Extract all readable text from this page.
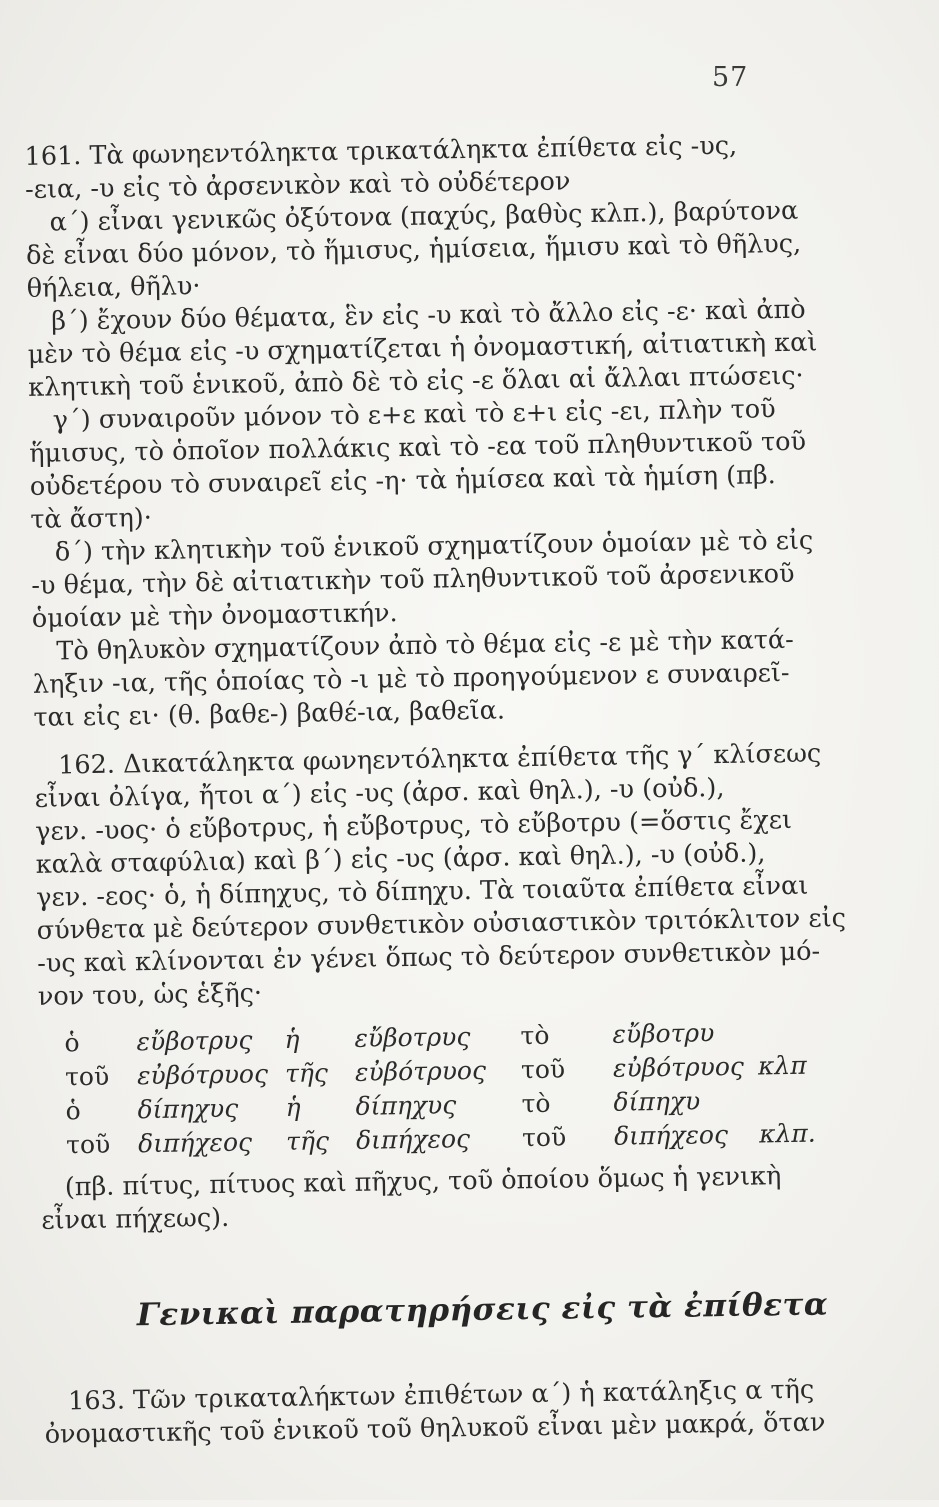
57
161. Τὰ φωνηεντόληκτα τρικατάληκτα ἐπίθετα εἰς -υς,
-εια, -υ εἰς τὸ ἀρσενικὸν καὶ τὸ οὐδέτερον
α΄) εἶναι γενικῶς ὀξύτονα (παχύς, βαθὺς κλπ.), βαρύτονα
δὲ εἶναι δύο μόνον, τὸ ἥμισυς, ἡμίσεια, ἥμισυ καὶ τὸ θῆλυς,
θήλεια, θῆλυ·
β΄) ἔχουν δύο θέματα, ἓν εἰς -υ καὶ τὸ ἄλλο εἰς -ε· καὶ ἀπὸ
μὲν τὸ θέμα εἰς -υ σχηματίζεται ἡ ὀνομαστική, αἰτιατικὴ καὶ
κλητικὴ τοῦ ἑνικοῦ, ἀπὸ δὲ τὸ εἰς -ε ὅλαι αἱ ἄλλαι πτώσεις·
γ΄) συναιροῦν μόνον τὸ ε+ε καὶ τὸ ε+ι εἰς -ει, πλὴν τοῦ
ἥμισυς, τὸ ὁποῖον πολλάκις καὶ τὸ -εα τοῦ πληθυντικοῦ τοῦ
οὐδετέρου τὸ συναιρεῖ εἰς -η· τὰ ἡμίσεα καὶ τὰ ἡμίση (πβ.
τὰ ἄστη)·
δ΄) τὴν κλητικὴν τοῦ ἑνικοῦ σχηματίζουν ὁμοίαν μὲ τὸ εἰς
-υ θέμα, τὴν δὲ αἰτιατικὴν τοῦ πληθυντικοῦ τοῦ ἀρσενικοῦ
ὁμοίαν μὲ τὴν ὀνομαστικήν.
Τὸ θηλυκὸν σχηματίζουν ἀπὸ τὸ θέμα εἰς -ε μὲ τὴν κατά-
ληξιν -ια, τῆς ὁποίας τὸ -ι μὲ τὸ προηγούμενον ε συναιρεῖ-
ται εἰς ει· (θ. βαθε-) βαθέ-ια, βαθεῖα.
162. Δικατάληκτα φωνηεντόληκτα ἐπίθετα τῆς γ΄ κλίσεως
εἶναι ὀλίγα, ἤτοι α΄) εἰς -υς (ἀρσ. καὶ θηλ.), -υ (οὐδ.),
γεν. -υος· ὁ εὔβοτρυς, ἡ εὔβοτρυς, τὸ εὔβοτρυ (=ὅστις ἔχει
καλὰ σταφύλια) καὶ β΄) εἰς -υς (ἀρσ. καὶ θηλ.), -υ (οὐδ.),
γεν. -εος· ὁ, ἡ δίπηχυς, τὸ δίπηχυ. Τὰ τοιαῦτα ἐπίθετα εἶναι
σύνθετα μὲ δεύτερον συνθετικὸν οὐσιαστικὸν τριτόκλιτον εἰς
-υς καὶ κλίνονται ἐν γένει ὅπως τὸ δεύτερον συνθετικὸν μό-
νον του, ὡς ἑξῆς·
ὁ εὔβοτρυς ἡ εὔβοτρυς τὸ	εὔβοτρυ
τοῦ εὐβότρυος τῆς εὐβότρυος τοῦ εὐβότρυος κλπ
ὁ δίπηχυς ἡ δίπηχυς	τὸ	δίπηχυ
τοῦ διπήχεος τῆς διπήχεος τοῦ διπήχεος κλπ.
(πβ. πίτυς, πίτυος καὶ πῆχυς, τοῦ ὁποίου ὅμως ἡ γενικὴ
εἶναι πήχεως).
Γενικαὶ παρατηρήσεις εἰς τὰ ἐπίθετα
163. Τῶν τρικαταλήκτων ἐπιθέτων α΄) ἡ κατάληξις α τῆς
ὀνομαστικῆς τοῦ ἑνικοῦ τοῦ θηλυκοῦ εἶναι μὲν μακρά, ὅταν
